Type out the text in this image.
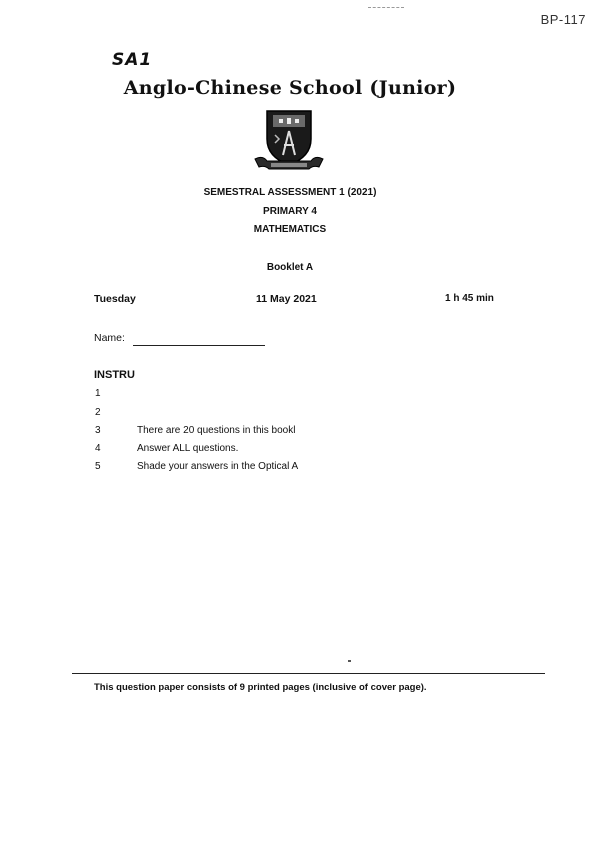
BP-117
SA1
Anglo-Chinese School (Junior)
SEMESTRAL ASSESSMENT 1 (2021)
PRIMARY 4
MATHEMATICS
Booklet A
Tuesday	11 May 2021	1 h 45 min
Name:
INSTRU
1
2
3	There are 20 questions in this bookl
4	Answer ALL questions.
5	Shade your answers in the Optical A
This question paper consists of 9 printed pages (inclusive of cover page).
